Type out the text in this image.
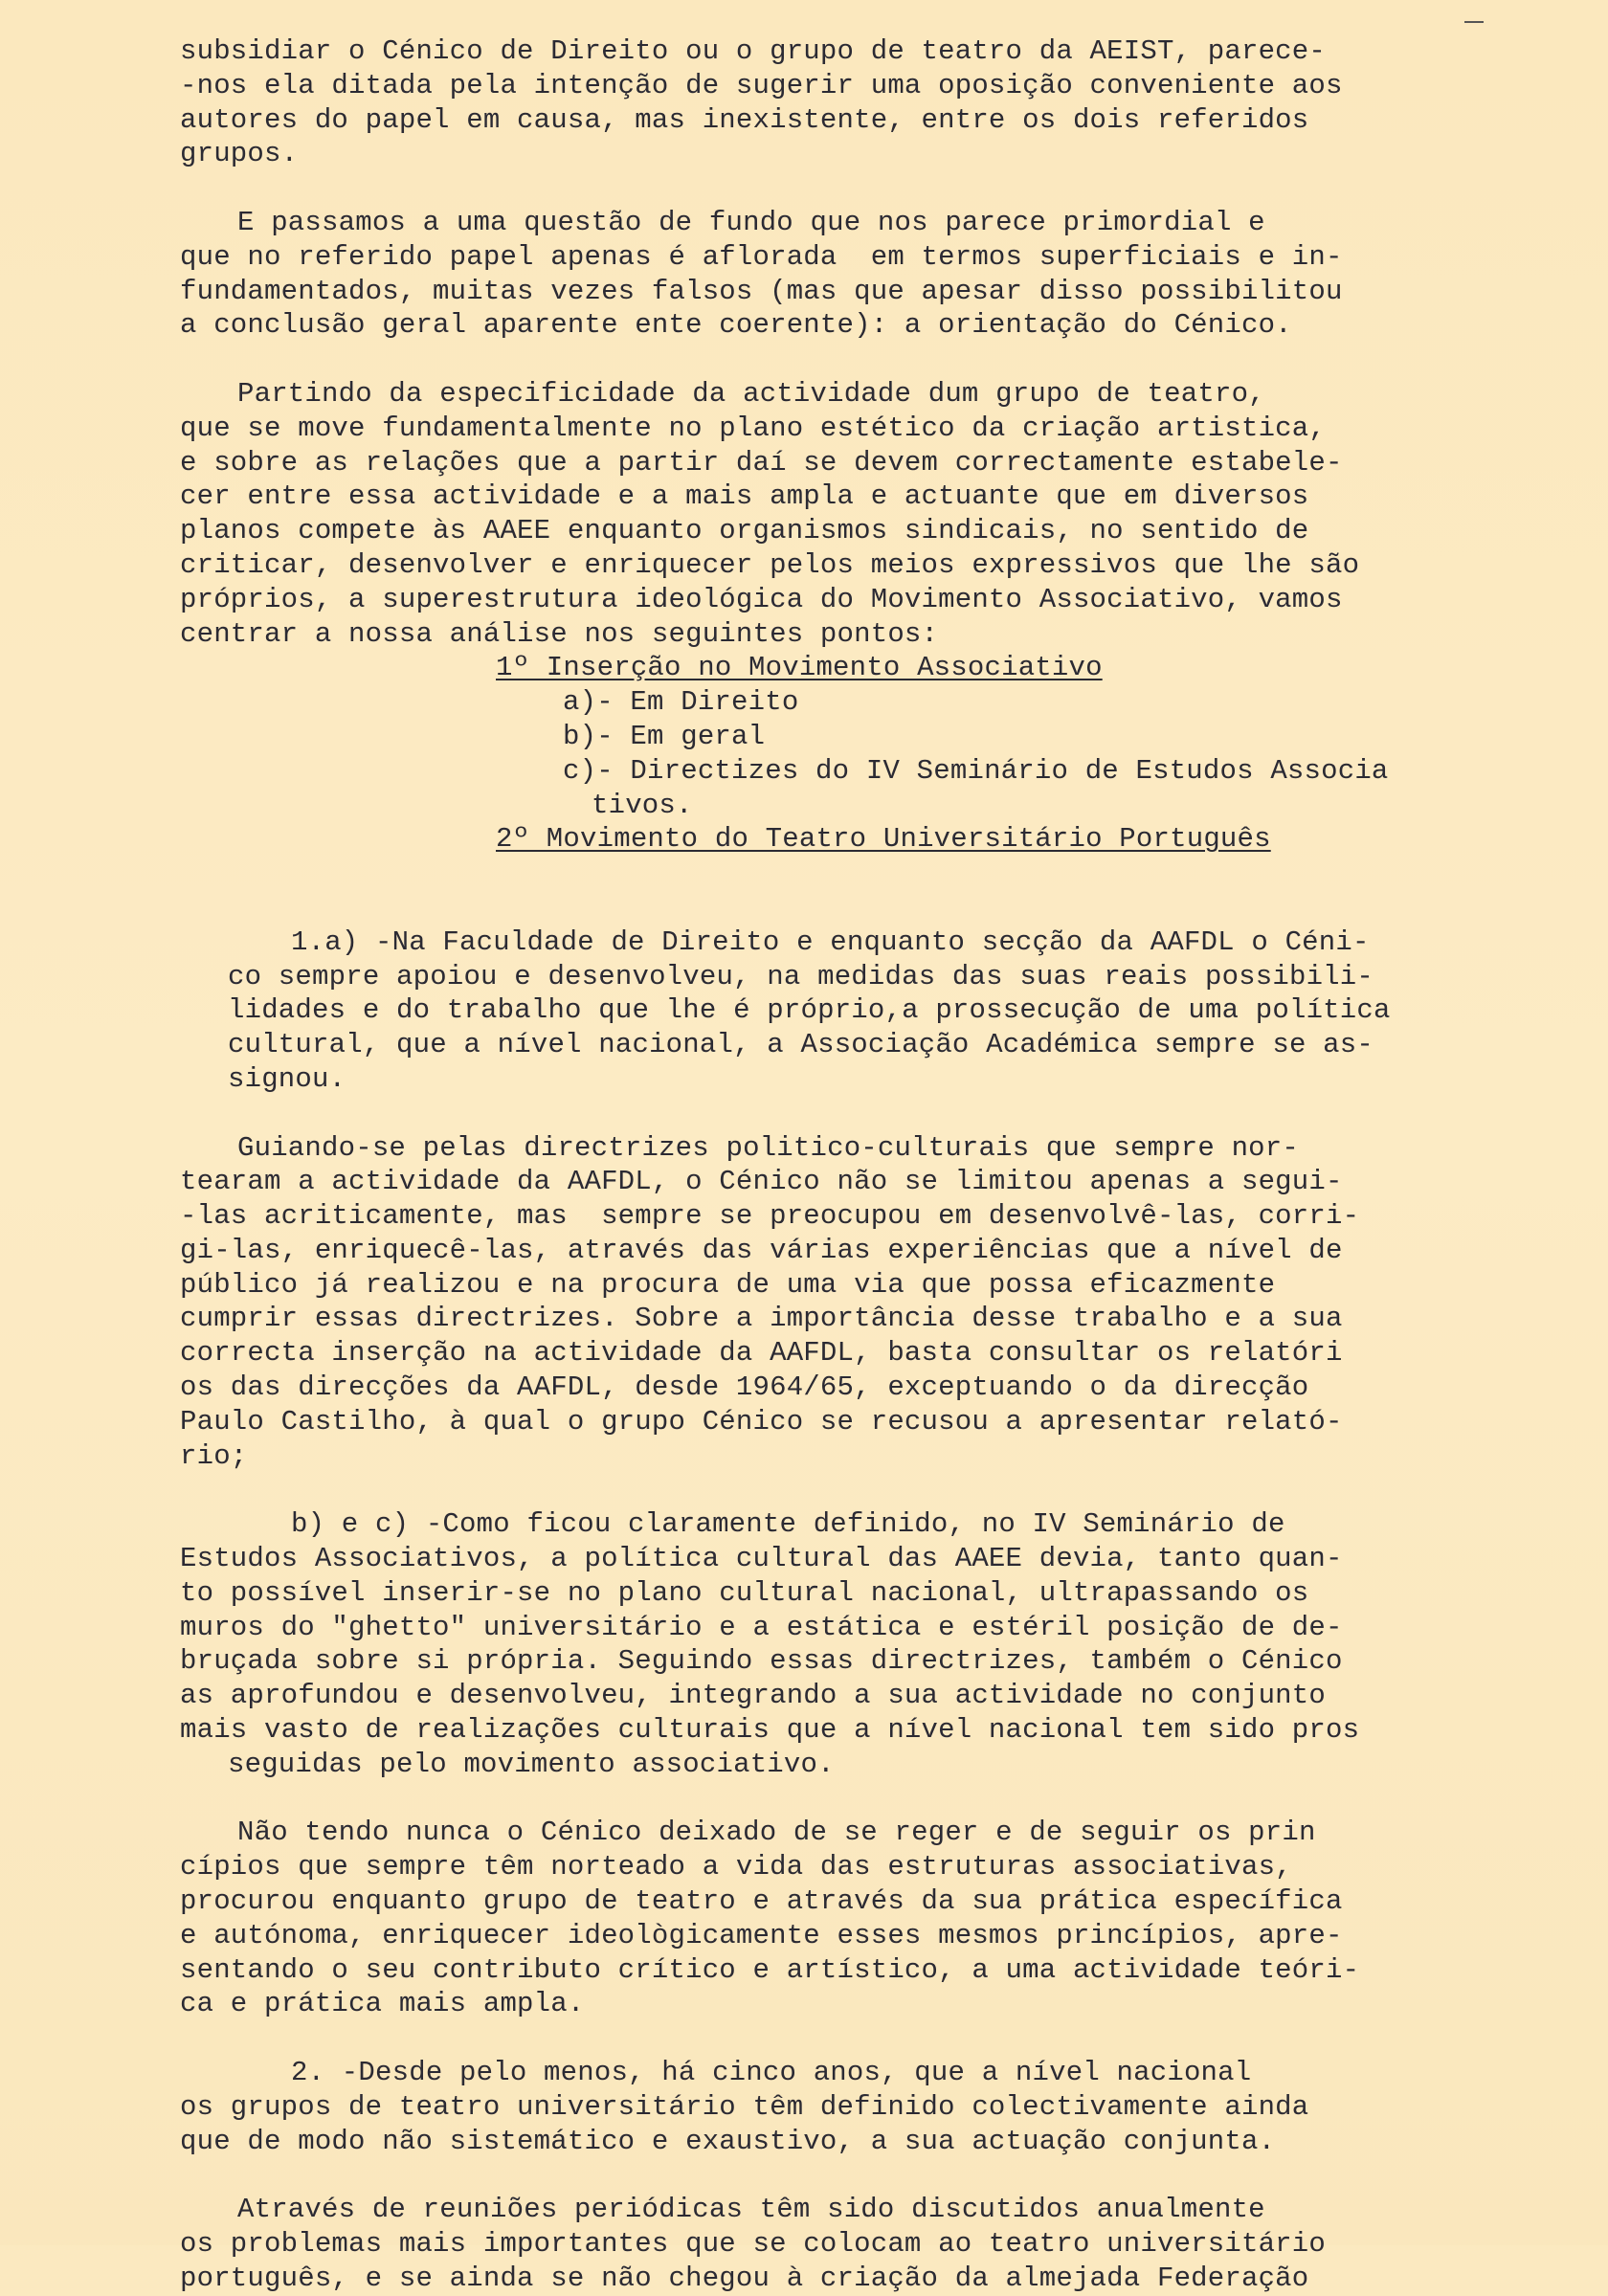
subsidiar o Cénico de Direito ou o grupo de teatro da AEIST, parece-
-nos ela ditada pela intenção de sugerir uma oposição conveniente aos
autores do papel em causa, mas inexistente, entre os dois referidos
grupos.
E passamos a uma questão de fundo que nos parece primordial e
que no referido papel apenas é aflorada  em termos superficiais e in-
fundamentados, muitas vezes falsos (mas que apesar disso possibilitou
a conclusão geral aparente ente coerente): a orientação do Cénico.
Partindo da especificidade da actividade dum grupo de teatro,
que se move fundamentalmente no plano estético da criação artistica,
e sobre as relações que a partir daí se devem correctamente estabele-
cer entre essa actividade e a mais ampla e actuante que em diversos
planos compete às AAEE enquanto organismos sindicais, no sentido de
criticar, desenvolver e enriquecer pelos meios expressivos que lhe são
próprios, a superestrutura ideológica do Movimento Associativo, vamos
centrar a nossa análise nos seguintes pontos:
1º Inserção no Movimento Associativo
a)- Em Direito
b)- Em geral
c)- Directizes do IV Seminário de Estudos Associa
tivos.
2º Movimento do Teatro Universitário Português
1.a) -Na Faculdade de Direito e enquanto secção da AAFDL o Céni-
co sempre apoiou e desenvolveu, na medidas das suas reais possibili-
lidades e do trabalho que lhe é próprio,a prossecução de uma política
cultural, que a nível nacional, a Associação Académica sempre se as-
signou.
Guiando-se pelas directrizes politico-culturais que sempre nor-
tearam a actividade da AAFDL, o Cénico não se limitou apenas a segui-
-las acriticamente, mas  sempre se preocupou em desenvolvê-las, corri-
gi-las, enriquecê-las, através das várias experiências que a nível de
público já realizou e na procura de uma via que possa eficazmente
cumprir essas directrizes. Sobre a importância desse trabalho e a sua
correcta inserção na actividade da AAFDL, basta consultar os relatóri
os das direcções da AAFDL, desde 1964/65, exceptuando o da direcção
Paulo Castilho, à qual o grupo Cénico se recusou a apresentar relató-
rio;
b) e c) -Como ficou claramente definido, no IV Seminário de
Estudos Associativos, a política cultural das AAEE devia, tanto quan-
to possível inserir-se no plano cultural nacional, ultrapassando os
muros do "ghetto" universitário e a estática e estéril posição de de-
bruçada sobre si própria. Seguindo essas directrizes, também o Cénico
as aprofundou e desenvolveu, integrando a sua actividade no conjunto
mais vasto de realizações culturais que a nível nacional tem sido pros
seguidas pelo movimento associativo.
Não tendo nunca o Cénico deixado de se reger e de seguir os prin
cípios que sempre têm norteado a vida das estruturas associativas,
procurou enquanto grupo de teatro e através da sua prática específica
e autónoma, enriquecer ideològicamente esses mesmos princípios, apre-
sentando o seu contributo crítico e artístico, a uma actividade teóri-
ca e prática mais ampla.
2. -Desde pelo menos, há cinco anos, que a nível nacional
os grupos de teatro universitário têm definido colectivamente ainda
que de modo não sistemático e exaustivo, a sua actuação conjunta.
Através de reuniões periódicas têm sido discutidos anualmente
os problemas mais importantes que se colocam ao teatro universitário
português, e se ainda se não chegou à criação da almejada Federação
